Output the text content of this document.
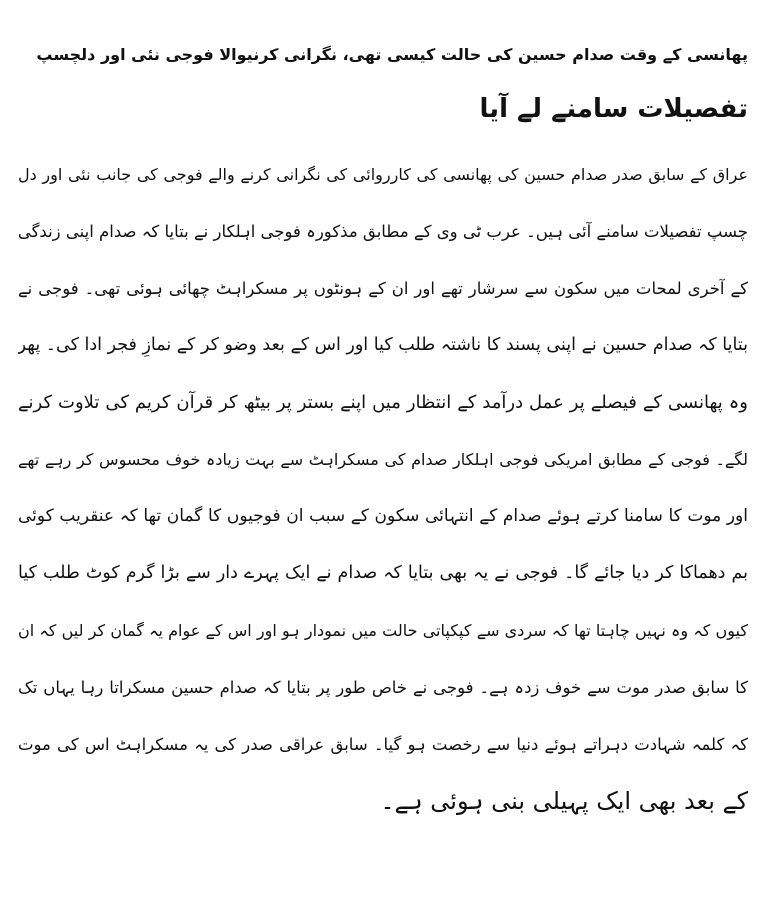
پھانسی کے وقت صدام حسین کی حالت کیسی تھی، نگرانی کرنیوالا فوجی نئی اور دلچسپ
تفصیلات سامنے لے آیا
عراق کے سابق صدر صدام حسین کی پھانسی کی کارروائی کی نگرانی کرنے والے فوجی کی جانب نئی اور دل
چسپ تفصیلات سامنے آئی ہیں۔ عرب ٹی وی کے مطابق مذکورہ فوجی اہلکار نے بتایا کہ صدام اپنی زندگی
کے آخری لمحات میں سکون سے سرشار تھے اور ان کے ہونٹوں پر مسکراہٹ چھائی ہوئی تھی۔ فوجی نے
بتایا کہ صدام حسین نے اپنی پسند کا ناشتہ طلب کیا اور اس کے بعد وضو کر کے نمازِ فجر ادا کی۔ پھر
وہ پھانسی کے فیصلے پر عمل درآمد کے انتظار میں اپنے بستر پر بیٹھ کر قرآن کریم کی تلاوت کرنے
لگے۔ فوجی کے مطابق امریکی فوجی اہلکار صدام کی مسکراہٹ سے بہت زیادہ خوف محسوس کر رہے تھے
اور موت کا سامنا کرتے ہوئے صدام کے انتہائی سکون کے سبب ان فوجیوں کا گمان تھا کہ عنقریب کوئی
بم دھماکا کر دیا جائے گا۔ فوجی نے یہ بھی بتایا کہ صدام نے ایک پہرے دار سے بڑا گرم کوٹ طلب کیا
کیوں کہ وہ نہیں چاہتا تھا کہ سردی سے کپکپاتی حالت میں نمودار ہو اور اس کے عوام یہ گمان کر لیں کہ ان
کا سابق صدر موت سے خوف زدہ ہے۔ فوجی نے خاص طور پر بتایا کہ صدام حسین مسکراتا رہا یہاں تک
کہ کلمہ شہادت دہراتے ہوئے دنیا سے رخصت ہو گیا۔ سابق عراقی صدر کی یہ مسکراہٹ اس کی موت
کے بعد بھی ایک پہیلی بنی ہوئی ہے۔
